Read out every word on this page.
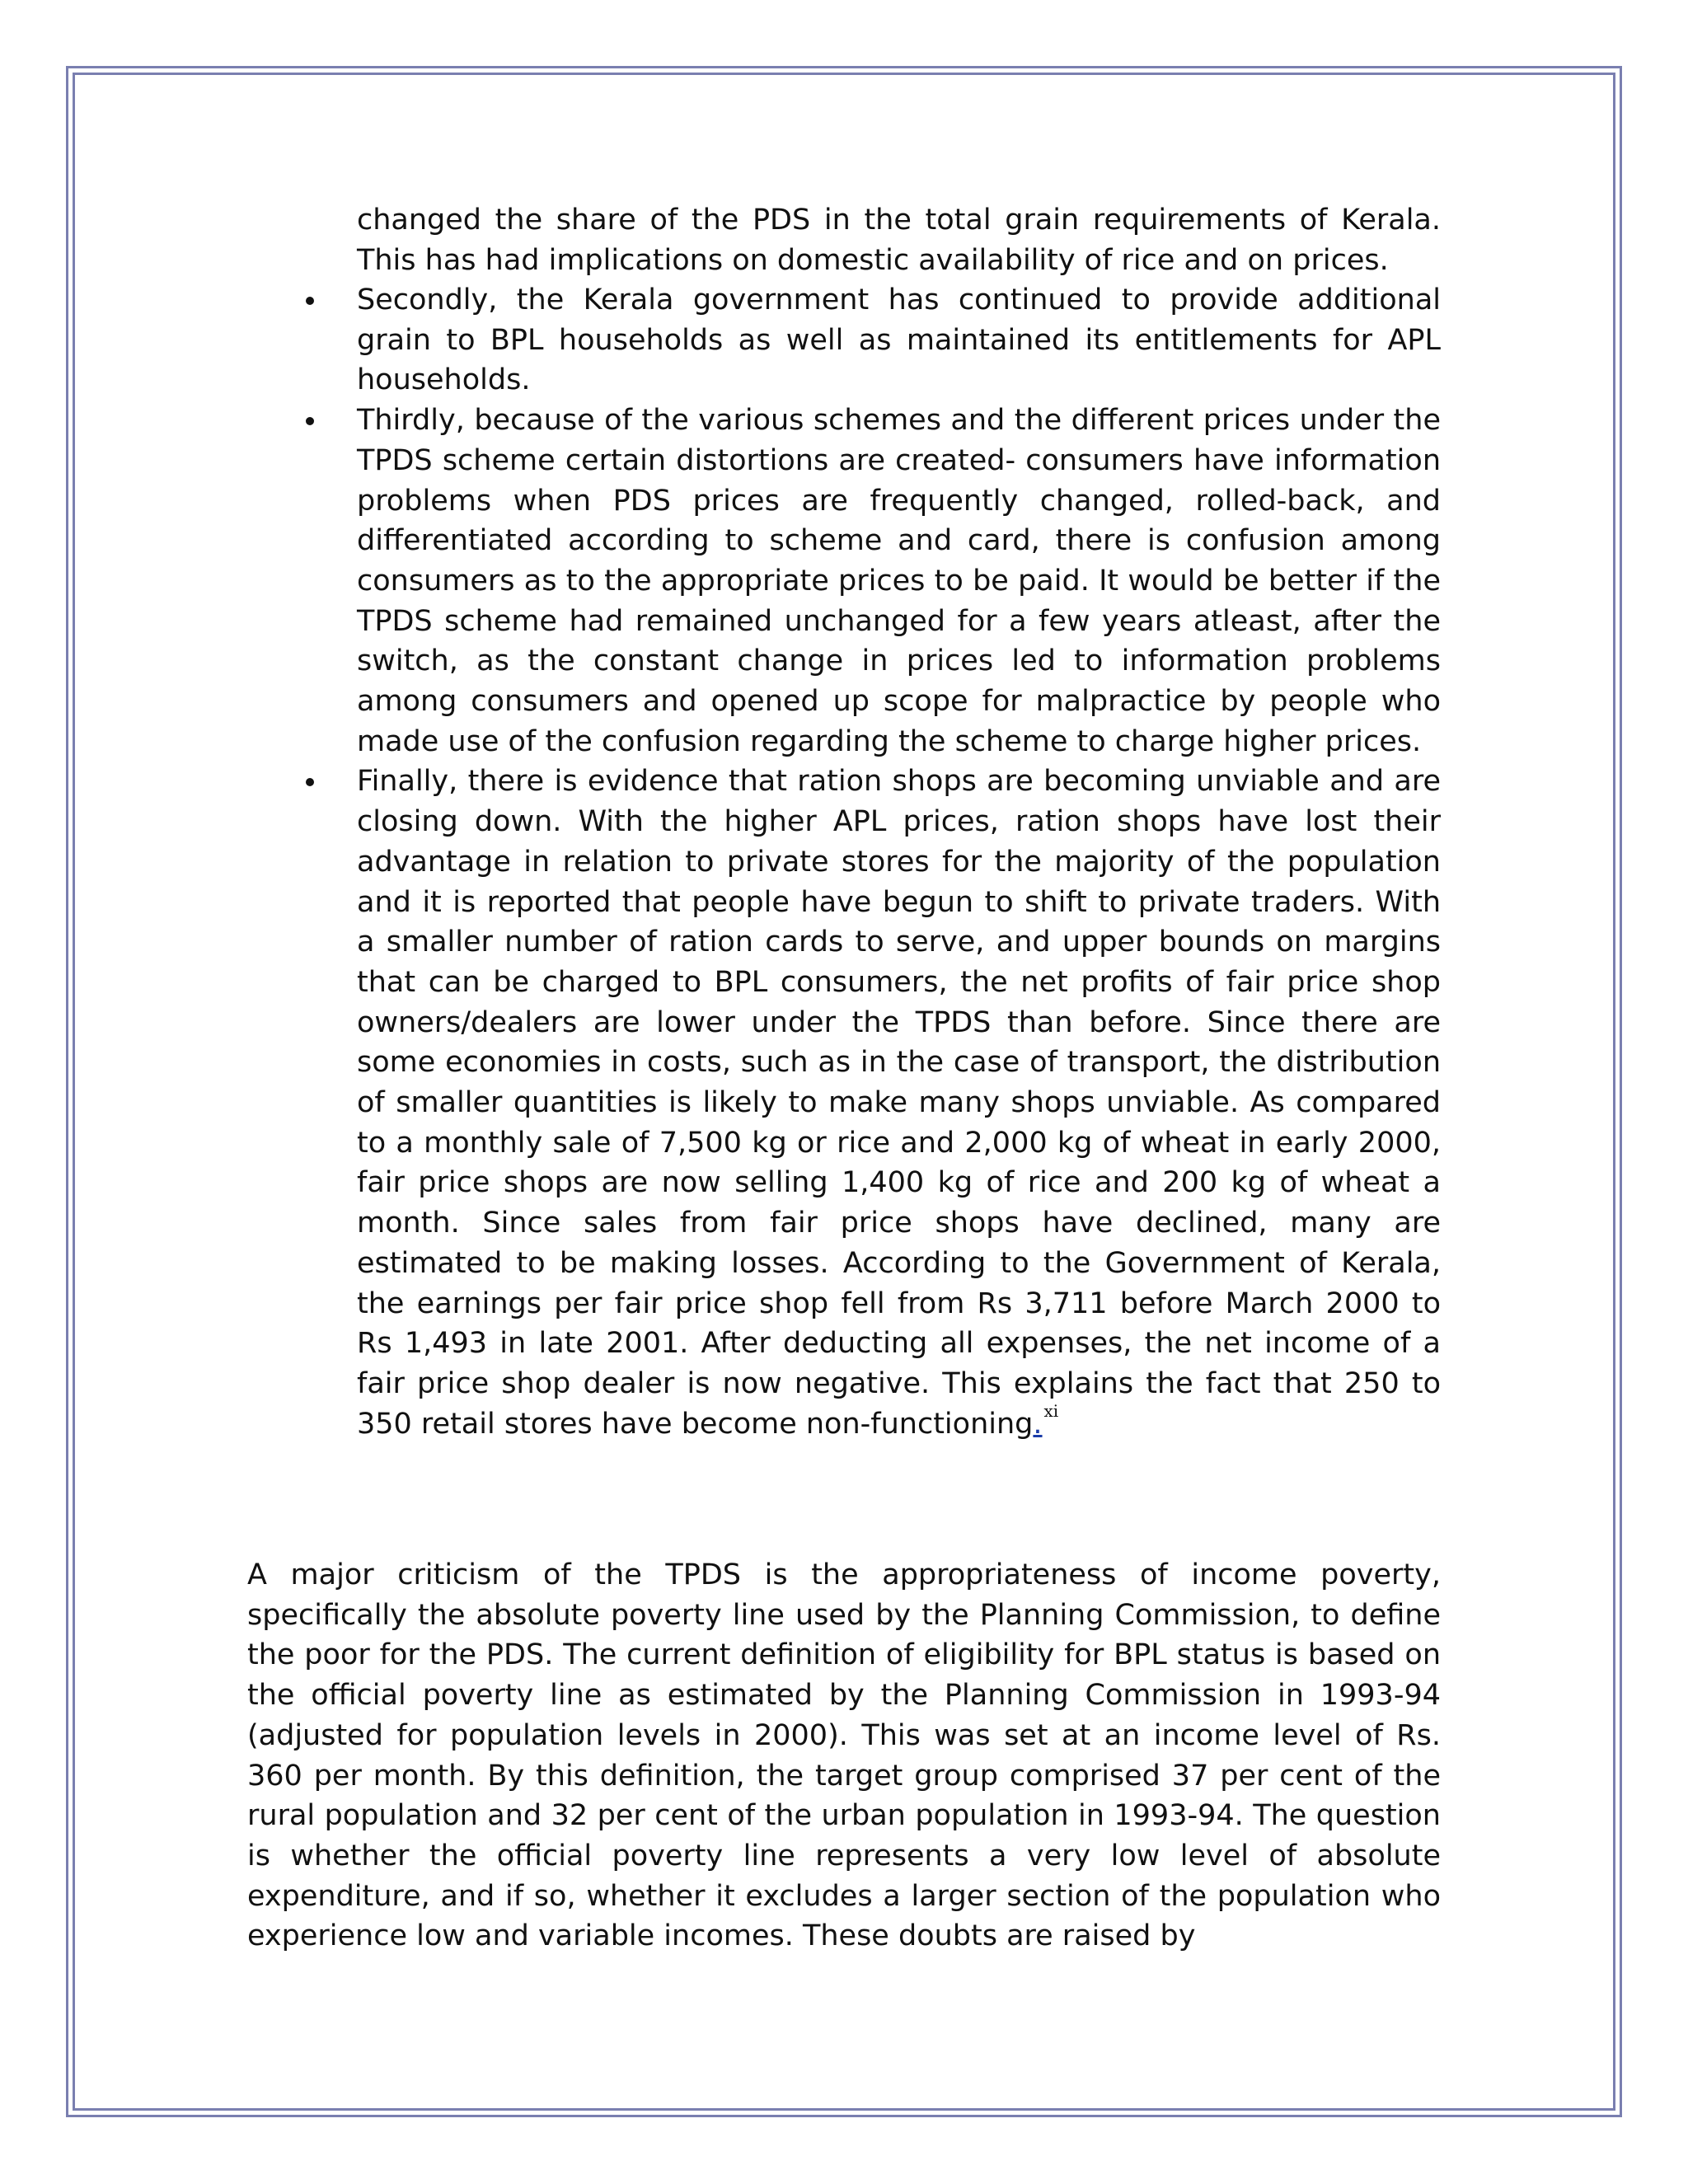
changed the share of the PDS in the total grain requirements of Kerala. This has had implications on domestic availability of rice and on prices.

Secondly, the Kerala government has continued to provide additional grain to BPL households as well as maintained its entitlements for APL households.
Thirdly, because of the various schemes and the different prices under the TPDS scheme certain distortions are created- consumers have information problems when PDS prices are frequently changed, rolled-back, and differentiated according to scheme and card, there is confusion among consumers as to the appropriate prices to be paid. It would be better if the TPDS scheme had remained unchanged for a few years atleast, after the switch, as the constant change in prices led to information problems among consumers and opened up scope for malpractice by people who made use of the confusion regarding the scheme to charge higher prices.
Finally, there is evidence that ration shops are becoming unviable and are closing down. With the higher APL prices, ration shops have lost their advantage in relation to private stores for the majority of the population and it is reported that people have begun to shift to private traders. With a smaller number of ration cards to serve, and upper bounds on margins that can be charged to BPL consumers, the net profits of fair price shop owners/dealers are lower under the TPDS than before. Since there are some economies in costs, such as in the case of transport, the distribution of smaller quantities is likely to make many shops unviable. As compared to a monthly sale of 7,500 kg or rice and 2,000 kg of wheat in early 2000, fair price shops are now selling 1,400 kg of rice and 200 kg of wheat a month. Since sales from fair price shops have declined, many are estimated to be making losses. According to the Government of Kerala, the earnings per fair price shop fell from Rs 3,711 before March 2000 to Rs 1,493 in late 2001. After deducting all expenses, the net income of a fair price shop dealer is now negative. This explains the fact that 250 to 350 retail stores have become non-functioning. $^{xi}$

A major criticism of the TPDS is the appropriateness of income poverty, specifically the absolute poverty line used by the Planning Commission, to define the poor for the PDS. The current definition of eligibility for BPL status is based on the official poverty line as estimated by the Planning Commission in 1993-94 (adjusted for population levels in 2000). This was set at an income level of Rs. 360 per month. By this definition, the target group comprised 37 per cent of the rural population and 32 per cent of the urban population in 1993-94. The question is whether the official poverty line represents a very low level of absolute expenditure, and if so, whether it excludes a larger section of the population who experience low and variable incomes. These doubts are raised by
